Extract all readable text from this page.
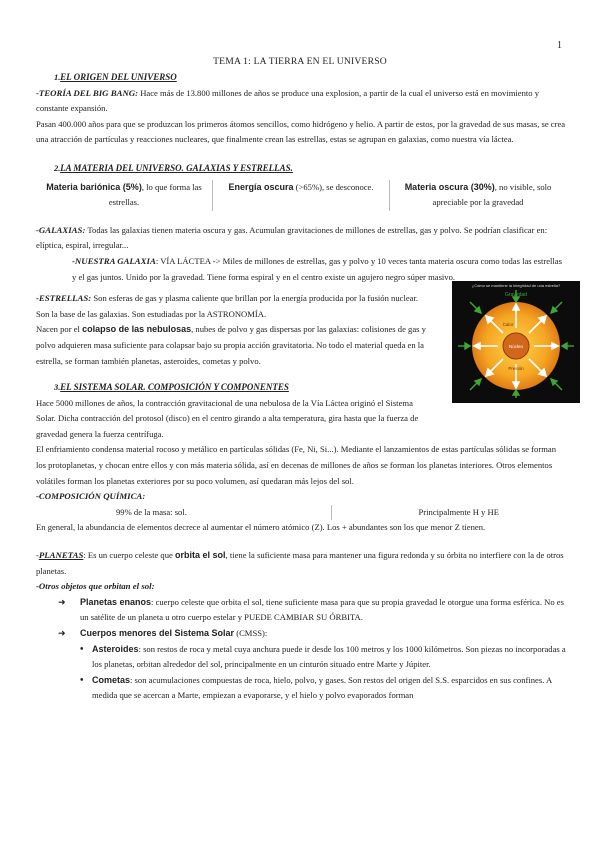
1
TEMA 1: LA TIERRA EN EL UNIVERSO
1. EL ORIGEN DEL UNIVERSO

-TEORÍA DEL BIG BANG: Hace más de 13.800 millones de años se produce una explosion, a partir de la cual el universo está en movimiento y constante expansión.

Pasan 400.000 años para que se produzcan los primeros átomos sencillos, como hidrógeno y helio. A partir de estos, por la gravedad de sus masas, se crea una atracción de partículas y reacciones nucleares, que finalmente crean las estrellas, estas se agrupan en galaxias, como nuestra vía láctea.

2. LA MATERIA DEL UNIVERSO. GALAXIAS Y ESTRELLAS.
Materia bariónica (5%), lo que forma las estrellas.
Energía oscura (>65%), se desconoce.	Materia oscura (30%), no visible, solo apreciable por la gravedad

-GALAXIAS: Todas las galaxias tienen materia oscura y gas. Acumulan gravitaciones de millones de estrellas, gas y polvo. Se podrían clasificar en: elíptica, espiral, irregular...

-NUESTRA GALAXIA: VÍA LÁCTEA -> Miles de millones de estrellas, gas y polvo y 10 veces tanta materia oscura como todas las estrellas y el gas juntos. Unido por la gravedad. Tiene forma espiral y en el centro existe un agujero negro súper masivo.

¿Cómo se mantiene la integridad de una estrella?
Gravedad
Núcleo
Calor
Presión

-ESTRELLAS: Son esferas de gas y plasma caliente que brillan por la energía producida por la fusión nuclear. Son la base de las galaxias. Son estudiadas por la ASTRONOMÍA.

Nacen por el colapso de las nebulosas, nubes de polvo y gas dispersas por las galaxias: colisiones de gas y polvo adquieren masa suficiente para colapsar bajo su propia acción gravitatoria. No todo el material queda en la estrella, se forman también planetas, asteroides, cometas y polvo.

3. EL SISTEMA SOLAR. COMPOSICIÓN Y COMPONENTES

Hace 5000 millones de años, la contracción gravitacional de una nebulosa de la Vía Láctea originó el Sistema Solar. Dicha contracción del protosol (disco) en el centro girando a alta temperatura, gira hasta que la fuerza de gravedad genera la fuerza centrífuga.

El enfriamiento condensa material rocoso y metálico en partículas sólidas (Fe, Ni, Si...). Mediante el lanzamientos de estas partículas sólidas se forman los protoplanetas, y chocan entre ellos y con más materia sólida, así en decenas de millones de años se forman los planetas interiores. Otros elementos volátiles forman los planetas exteriores por su poco volumen, así quedaran más lejos del sol.

-COMPOSICIÓN QUÍMICA:

99% de la masa: sol.	Principalmente H y HE

En general, la abundancia de elementos decrece al aumentar el número atómico (Z). Los + abundantes son los que menor Z tienen.

-PLANETAS: Es un cuerpo celeste que orbita el sol, tiene la suficiente masa para mantener una figura redonda y su órbita no interfiere con la de otros planetas.

-Otros objetos que orbitan el sol:

➜ Planetas enanos: cuerpo celeste que orbita el sol, tiene suficiente masa para que su propia gravedad le otorgue una forma esférica. No es un satélite de un planeta u otro cuerpo estelar y PUEDE CAMBIAR SU ÓRBITA.
➜ Cuerpos menores del Sistema Solar (CMSS):
• Asteroides: son restos de roca y metal cuya anchura puede ir desde los 100 metros y los 1000 kilómetros. Son piezas no incorporadas a los planetas, orbitan alrededor del sol, principalmente en un cinturón situado entre Marte y Júpiter.
• Cometas: son acumulaciones compuestas de roca, hielo, polvo, y gases. Son restos del origen del S.S. esparcidos en sus confines. A medida que se acercan a Marte, empiezan a evaporarse, y el hielo y polvo evaporados forman
